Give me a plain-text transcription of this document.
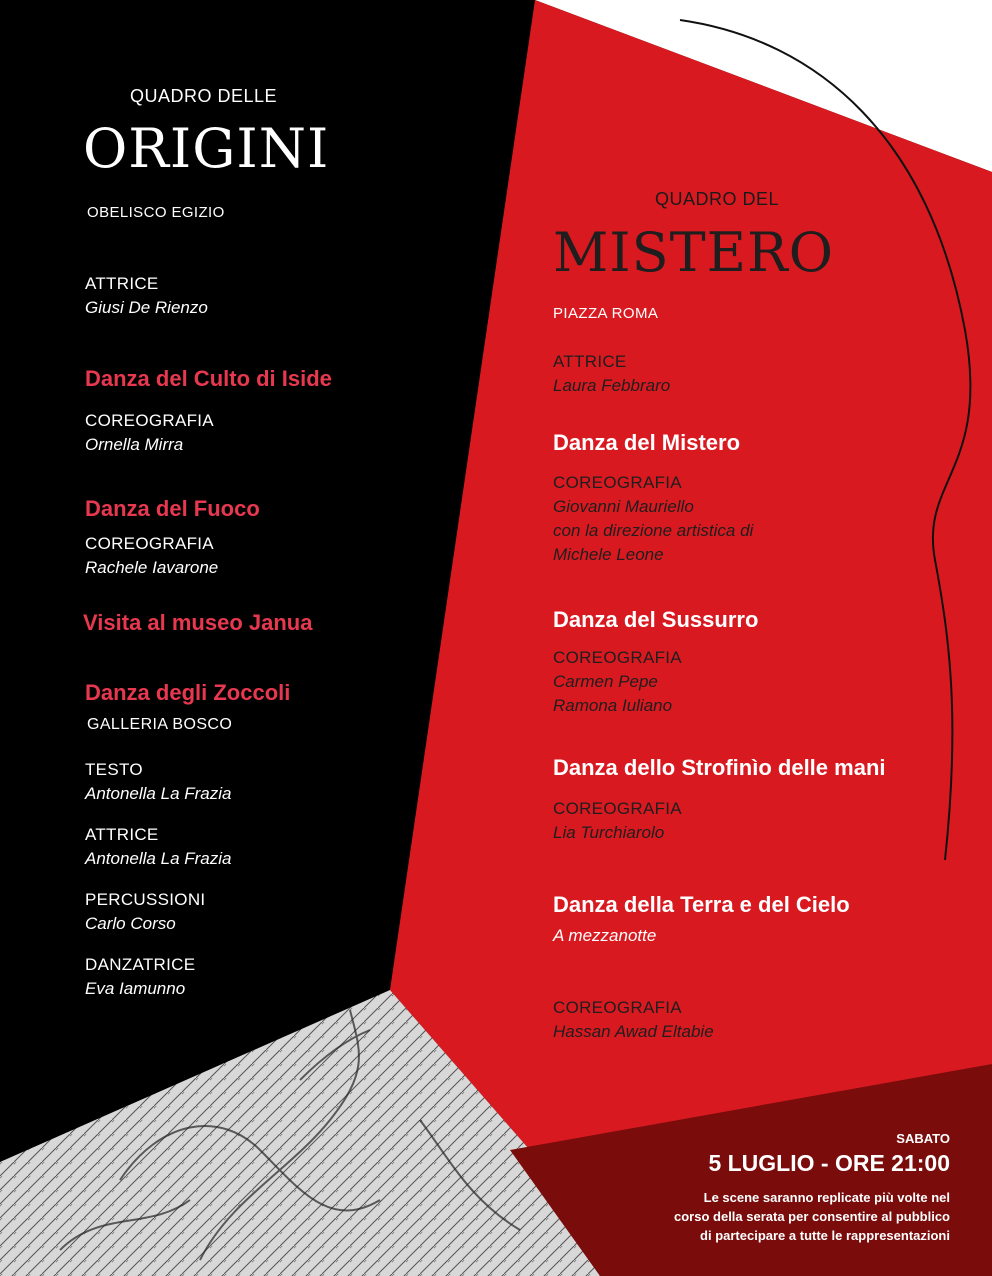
QUADRO DELLE
ORIGINI
OBELISCO EGIZIO
ATTRICE
Giusi De Rienzo
Danza del Culto di Iside
COREOGRAFIA
Ornella Mirra
Danza del Fuoco
COREOGRAFIA
Rachele Iavarone
Visita al museo Janua
Danza degli Zoccoli
GALLERIA BOSCO
TESTO
Antonella La Frazia
ATTRICE
Antonella La Frazia
PERCUSSIONI
Carlo Corso
DANZATRICE
Eva Iamunno
QUADRO DEL
MISTERO
PIAZZA ROMA
ATTRICE
Laura Febbraro
Danza del Mistero
COREOGRAFIA
Giovanni Mauriello
con la direzione artistica di
Michele Leone
Danza del Sussurro
COREOGRAFIA
Carmen Pepe
Ramona Iuliano
Danza dello Strofinìo delle mani
COREOGRAFIA
Lia Turchiarolo
Danza della Terra e del Cielo
A mezzanotte
COREOGRAFIA
Hassan Awad Eltabie
SABATO
5 LUGLIO - ORE 21:00
Le scene saranno replicate più volte nel
corso della serata per consentire al pubblico
di partecipare a tutte le rappresentazioni
